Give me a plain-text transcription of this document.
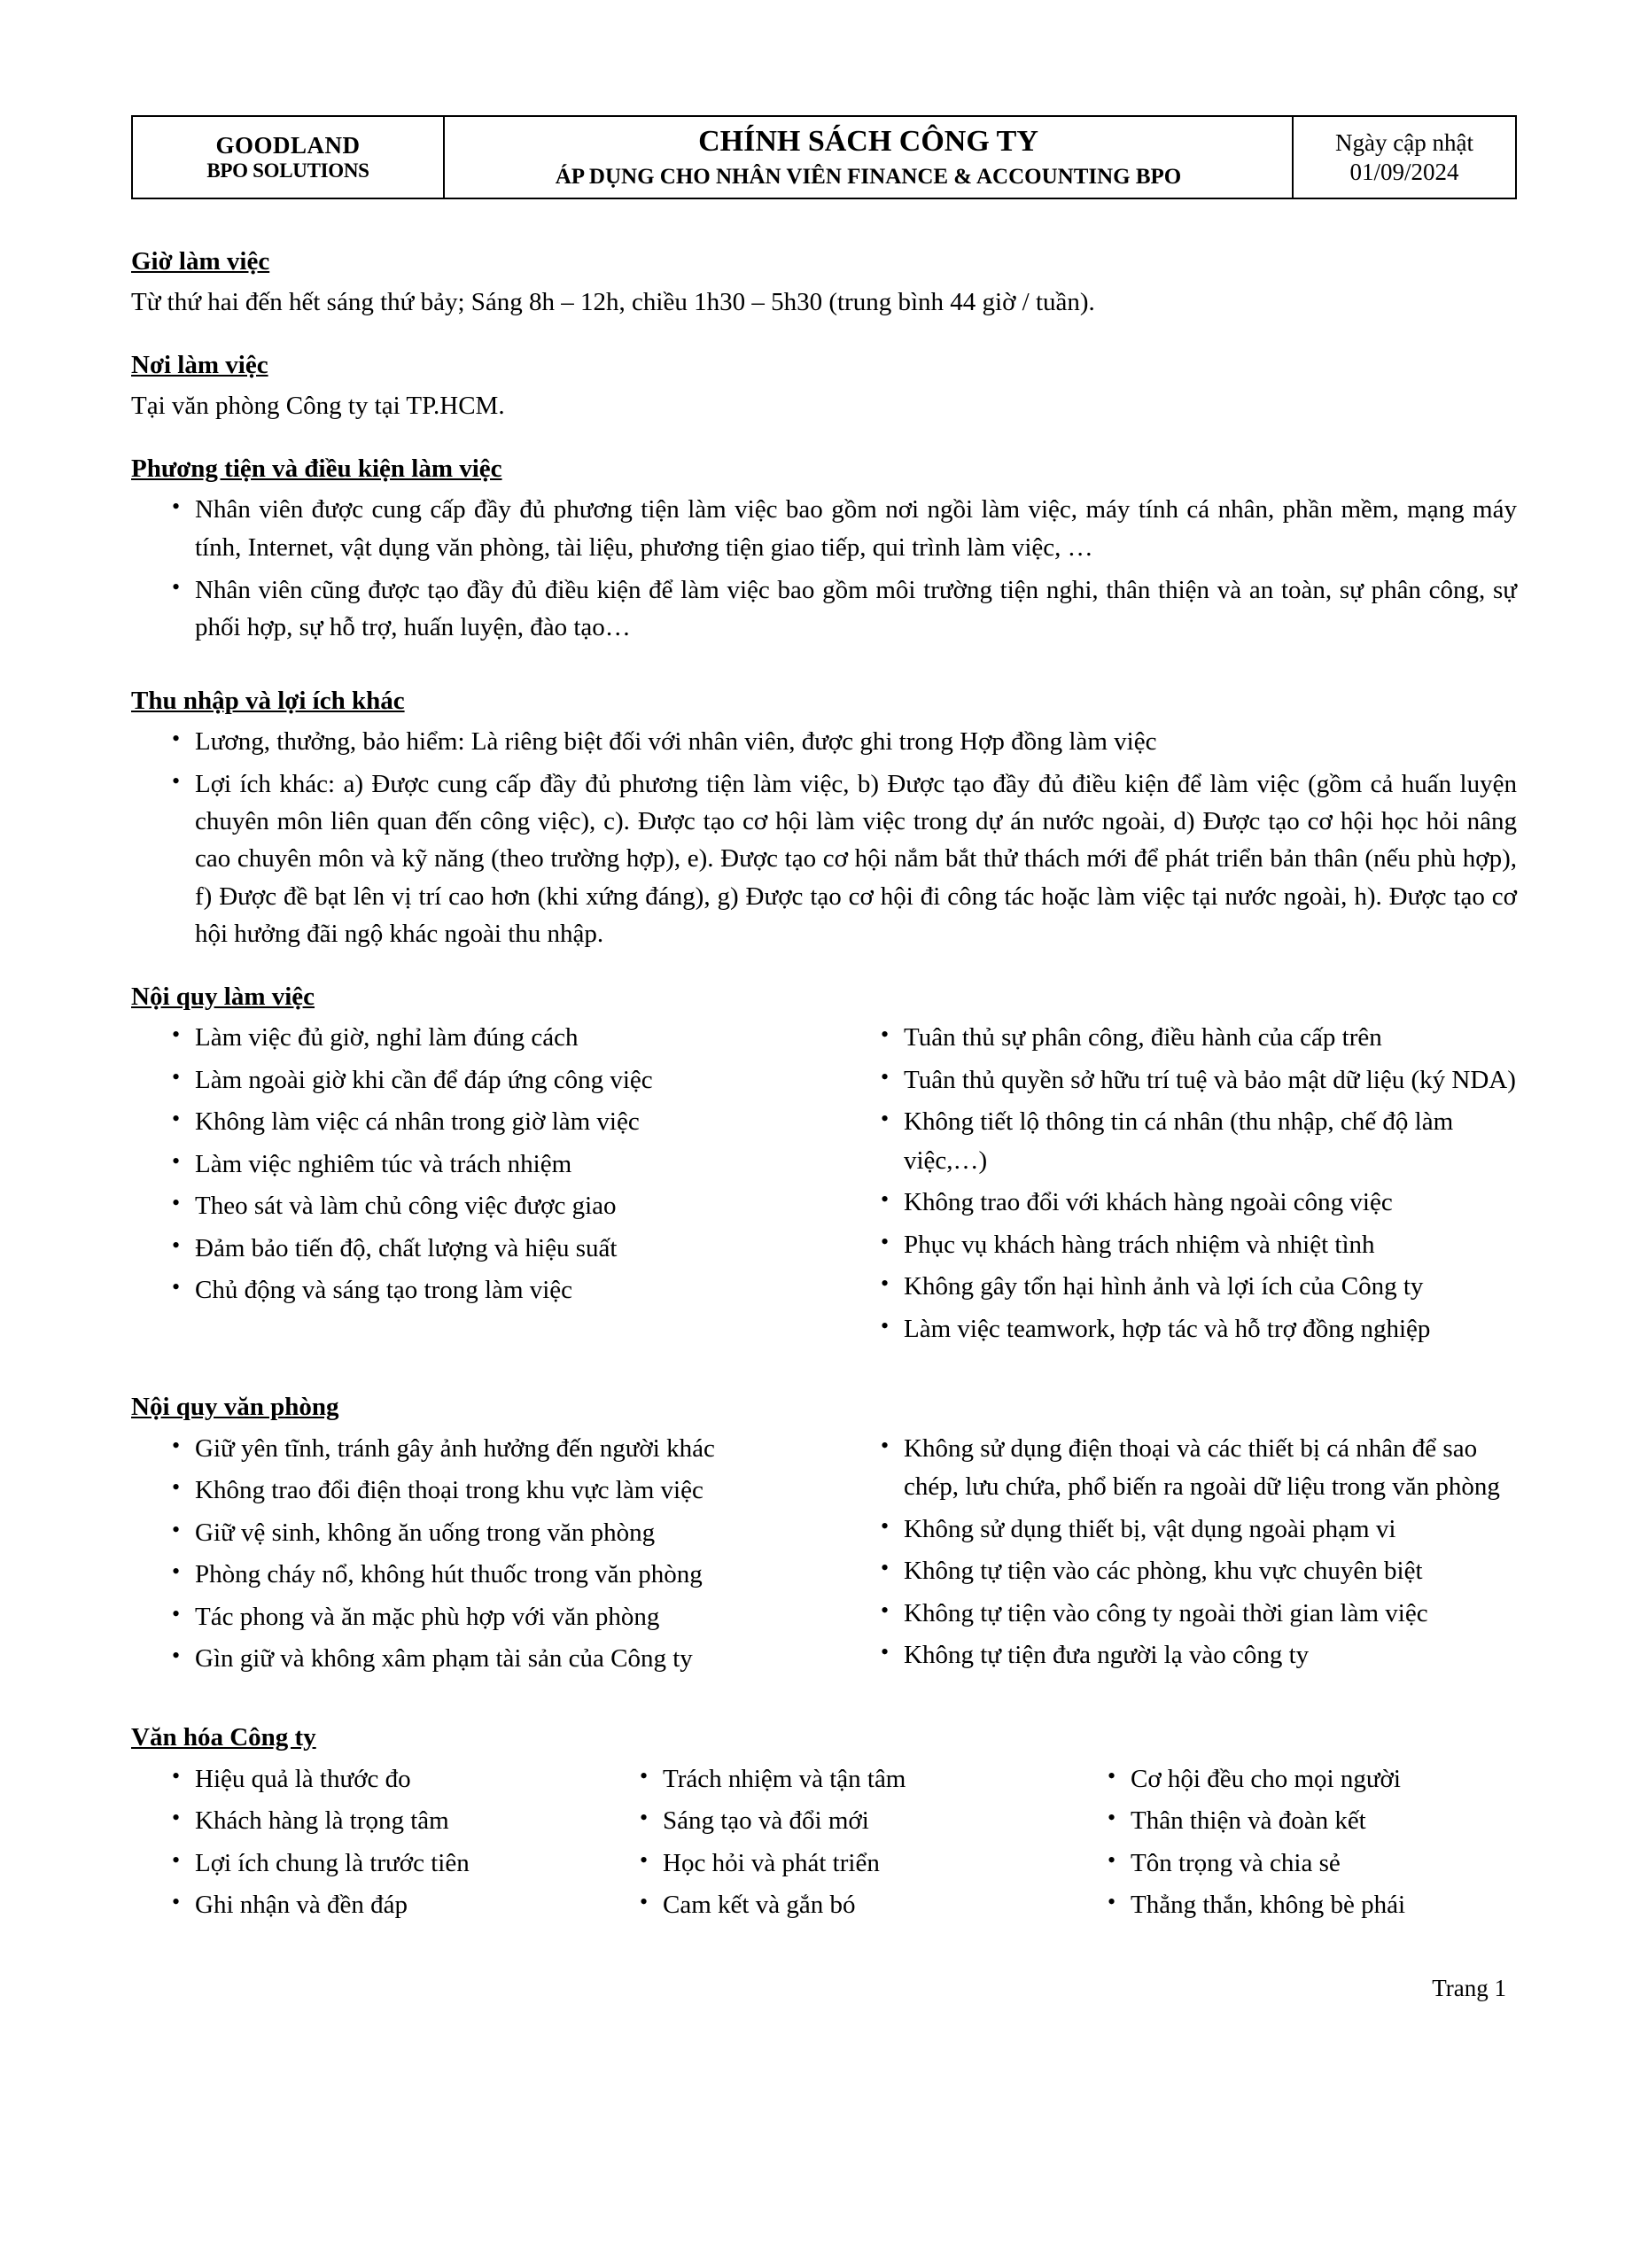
GOODLAND
BPO SOLUTIONS

CHÍNH SÁCH CÔNG TY
ÁP DỤNG CHO NHÂN VIÊN FINANCE & ACCOUNTING BPO

Ngày cập nhật
01/09/2024
Giờ làm việc

Từ thứ hai đến hết sáng thứ bảy; Sáng 8h – 12h, chiều 1h30 – 5h30 (trung bình 44 giờ / tuần).

Nơi làm việc

Tại văn phòng Công ty tại TP.HCM.

Phương tiện và điều kiện làm việc
• Nhân viên được cung cấp đầy đủ phương tiện làm việc bao gồm nơi ngồi làm việc, máy tính cá nhân, phần mềm, mạng máy tính, Internet, vật dụng văn phòng, tài liệu, phương tiện giao tiếp, qui trình làm việc, …
• Nhân viên cũng được tạo đầy đủ điều kiện để làm việc bao gồm môi trường tiện nghi, thân thiện và an toàn, sự phân công, sự phối hợp, sự hỗ trợ, huấn luyện, đào tạo…
Thu nhập và lợi ích khác
• Lương, thưởng, bảo hiểm: Là riêng biệt đối với nhân viên, được ghi trong Hợp đồng làm việc
• Lợi ích khác: a) Được cung cấp đầy đủ phương tiện làm việc, b) Được tạo đầy đủ điều kiện để làm việc (gồm cả huấn luyện chuyên môn liên quan đến công việc), c). Được tạo cơ hội làm việc trong dự án nước ngoài, d) Được tạo cơ hội học hỏi nâng cao chuyên môn và kỹ năng (theo trường hợp), e). Được tạo cơ hội nắm bắt thử thách mới để phát triển bản thân (nếu phù hợp), f) Được đề bạt lên vị trí cao hơn (khi xứng đáng), g) Được tạo cơ hội đi công tác hoặc làm việc tại nước ngoài, h). Được tạo cơ hội hưởng đãi ngộ khác ngoài thu nhập.
Nội quy làm việc
• Làm việc đủ giờ, nghỉ làm đúng cách
• Làm ngoài giờ khi cần để đáp ứng công việc
• Không làm việc cá nhân trong giờ làm việc
• Làm việc nghiêm túc và trách nhiệm
• Theo sát và làm chủ công việc được giao
• Đảm bảo tiến độ, chất lượng và hiệu suất
• Chủ động và sáng tạo trong làm việc
• Tuân thủ sự phân công, điều hành của cấp trên
• Tuân thủ quyền sở hữu trí tuệ và bảo mật dữ liệu (ký NDA)
• Không tiết lộ thông tin cá nhân (thu nhập, chế độ làm việc,…)
• Không trao đổi với khách hàng ngoài công việc
• Phục vụ khách hàng trách nhiệm và nhiệt tình
• Không gây tổn hại hình ảnh và lợi ích của Công ty
• Làm việc teamwork, hợp tác và hỗ trợ đồng nghiệp
Nội quy văn phòng
• Giữ yên tĩnh, tránh gây ảnh hưởng đến người khác
• Không trao đổi điện thoại trong khu vực làm việc
• Giữ vệ sinh, không ăn uống trong văn phòng
• Phòng cháy nổ, không hút thuốc trong văn phòng
• Tác phong và ăn mặc phù hợp với văn phòng
• Gìn giữ và không xâm phạm tài sản của Công ty
• Không sử dụng điện thoại và các thiết bị cá nhân để sao chép, lưu chứa, phổ biến ra ngoài dữ liệu trong văn phòng
• Không sử dụng thiết bị, vật dụng ngoài phạm vi
• Không tự tiện vào các phòng, khu vực chuyên biệt
• Không tự tiện vào công ty ngoài thời gian làm việc
• Không tự tiện đưa người lạ vào công ty
Văn hóa Công ty
• Hiệu quả là thước đo
• Khách hàng là trọng tâm
• Lợi ích chung là trước tiên
• Ghi nhận và đền đáp
• Trách nhiệm và tận tâm
• Sáng tạo và đổi mới
• Học hỏi và phát triển
• Cam kết và gắn bó
• Cơ hội đều cho mọi người
• Thân thiện và đoàn kết
• Tôn trọng và chia sẻ
• Thẳng thắn, không bè phái
Trang 1
